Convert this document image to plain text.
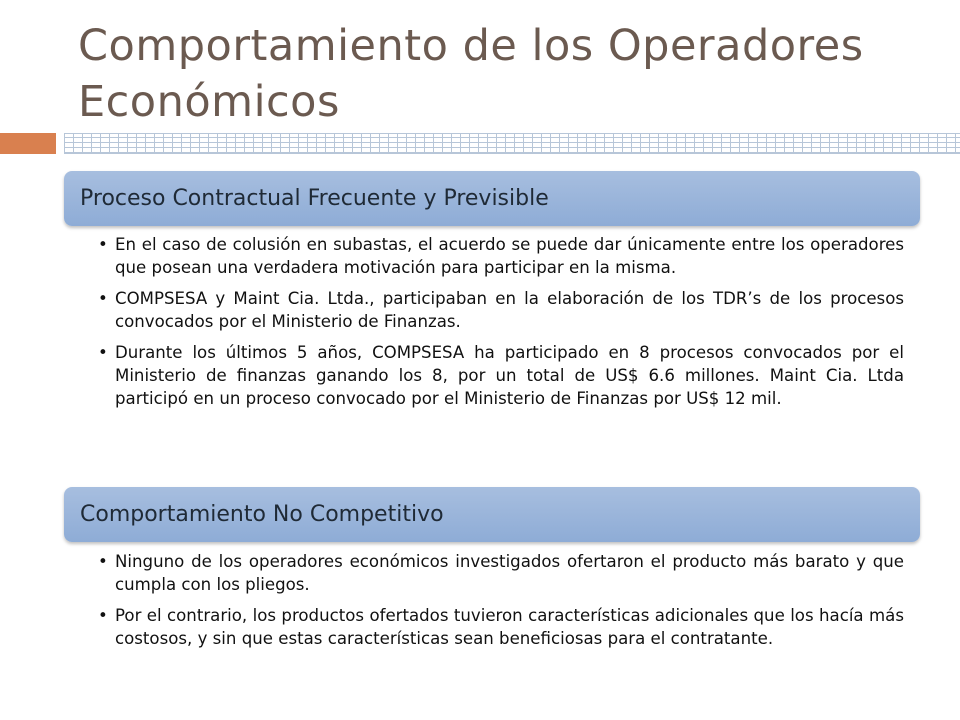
Comportamiento de los Operadores
Económicos
Proceso Contractual Frecuente y Previsible
• En el caso de colusión en subastas, el acuerdo se puede dar únicamente entre los operadores que posean una verdadera motivación para participar en la misma.
• COMPSESA y Maint Cia. Ltda., participaban en la elaboración de los TDR’s de los procesos convocados por el Ministerio de Finanzas.
• Durante los últimos 5 años, COMPSESA ha participado en 8 procesos convocados por el Ministerio de finanzas ganando los 8, por un total de US$ 6.6 millones. Maint Cia. Ltda participó en un proceso convocado por el Ministerio de Finanzas por US$ 12 mil.
Comportamiento No Competitivo
• Ninguno de los operadores económicos investigados ofertaron el producto más barato y que cumpla con los pliegos.
• Por el contrario, los productos ofertados tuvieron características adicionales que los hacía más costosos, y sin que estas características sean beneficiosas para el contratante.
